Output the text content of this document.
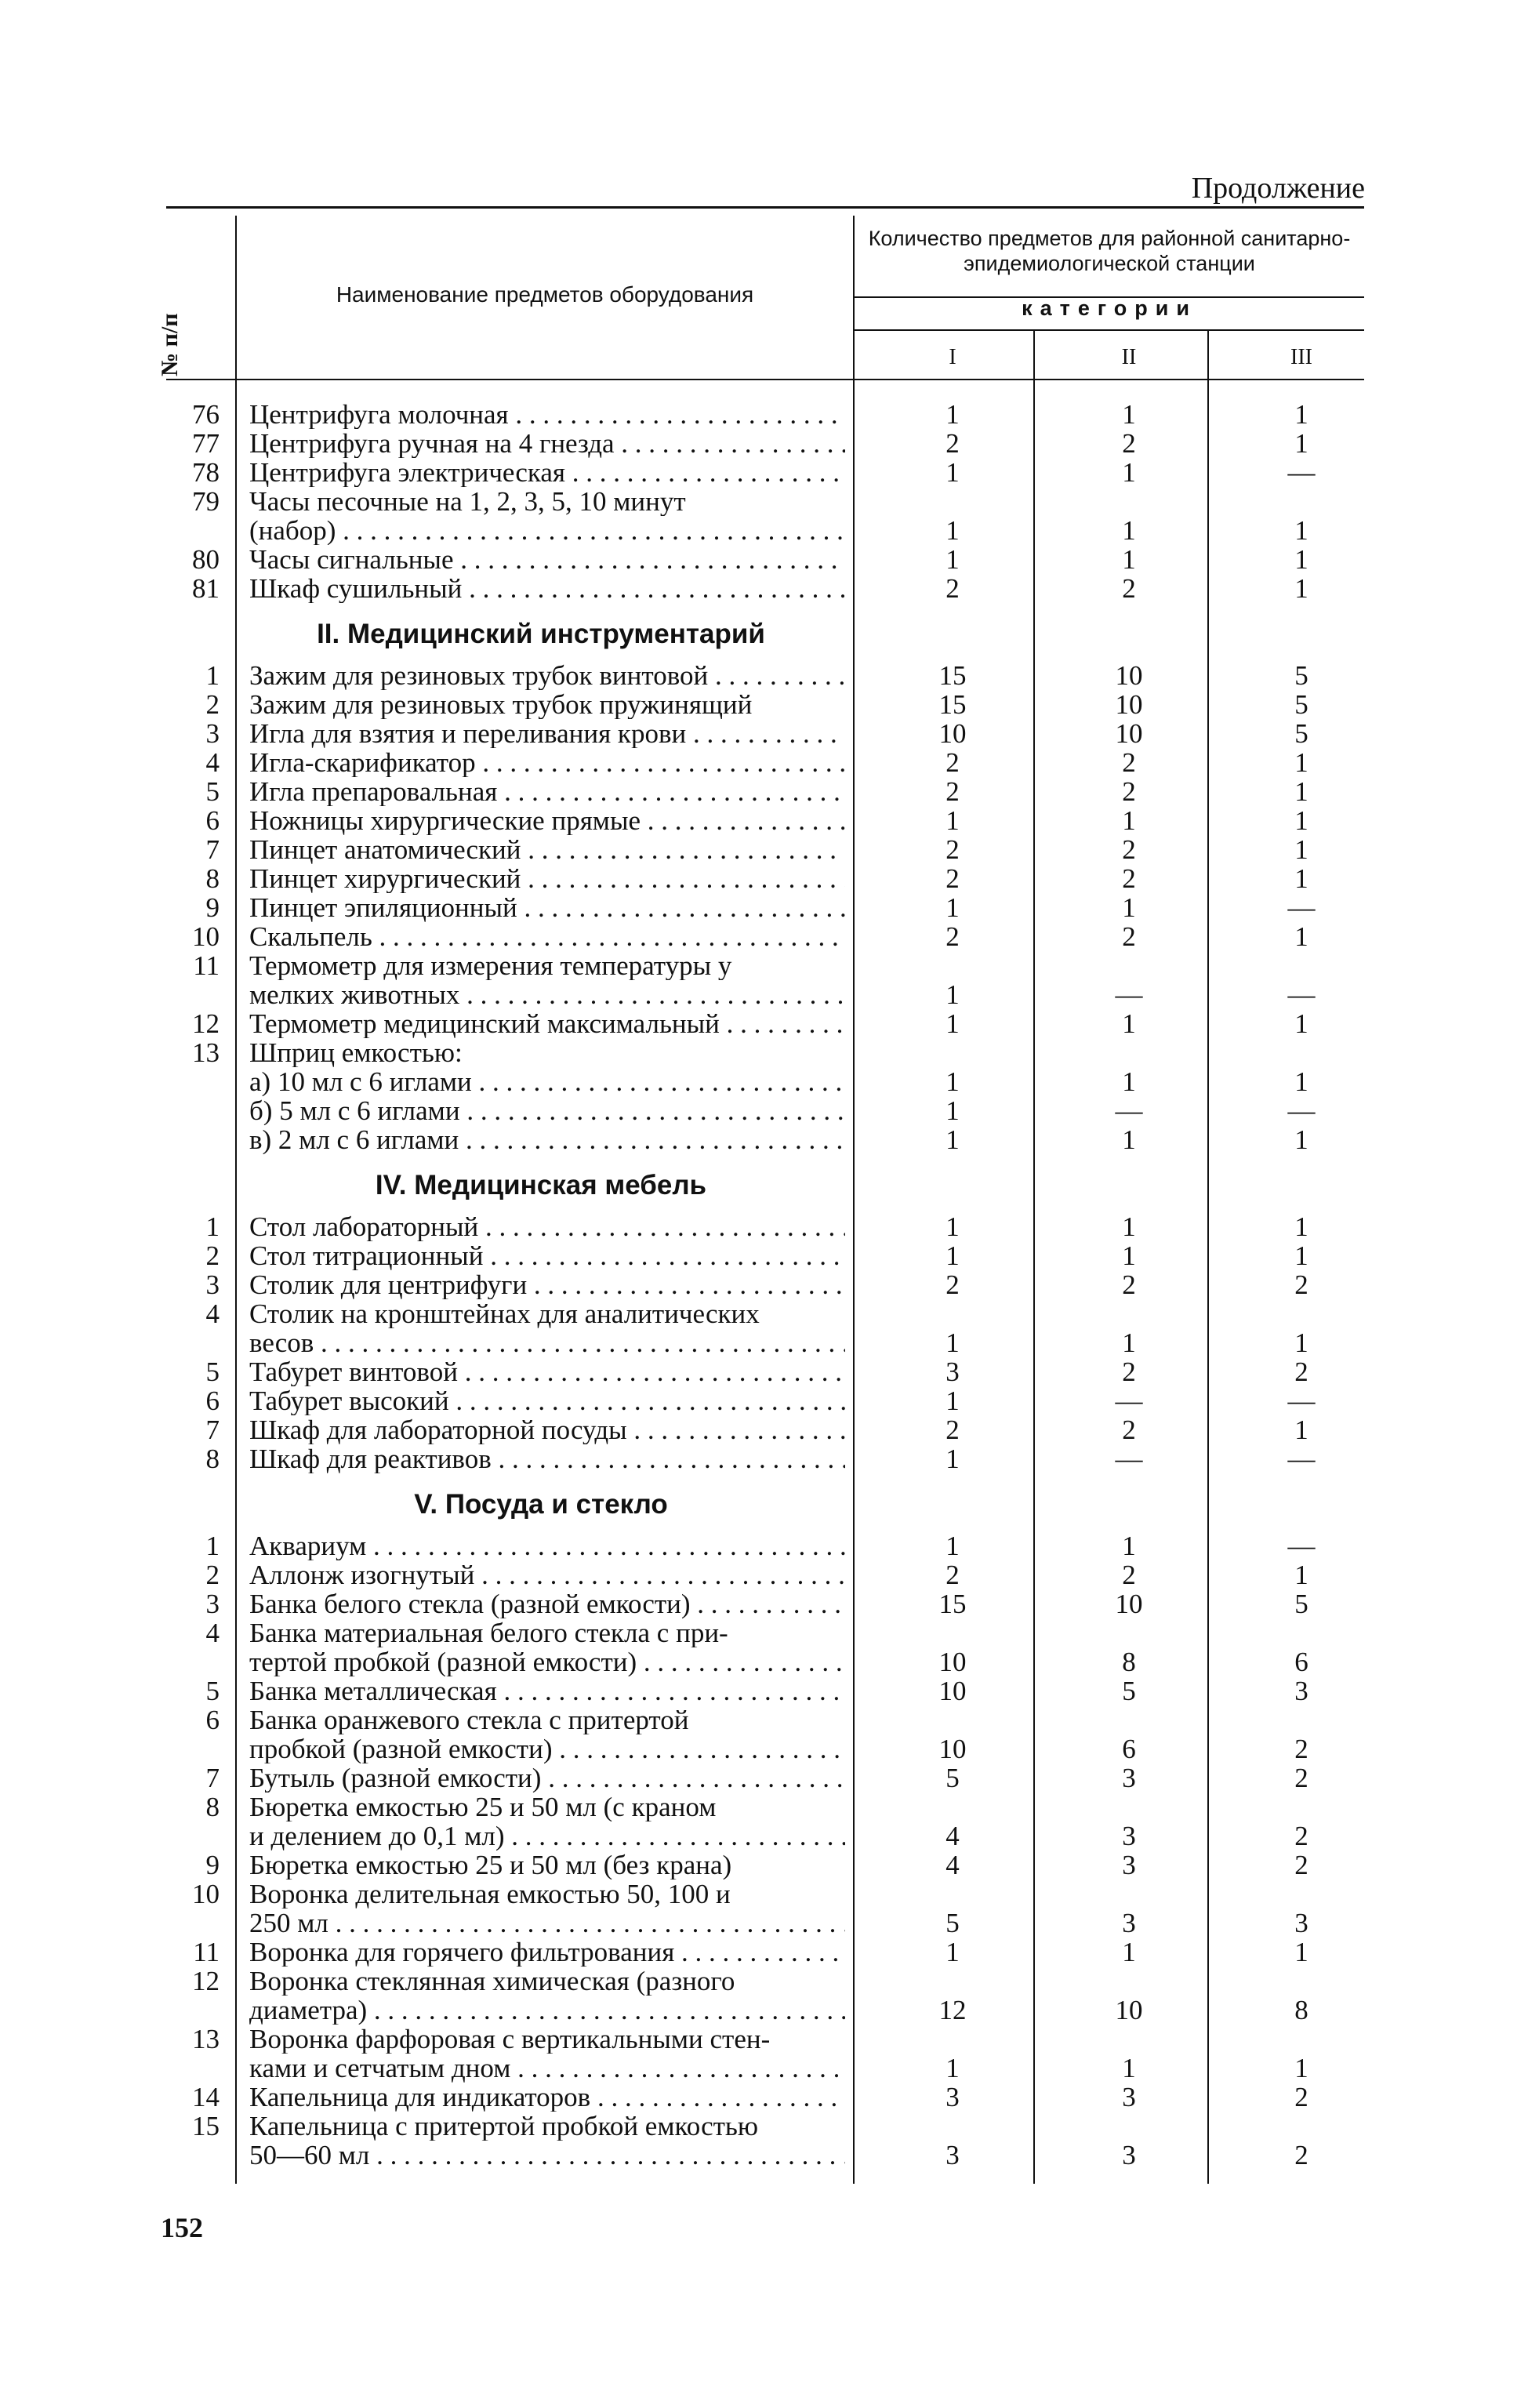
Продолжение
№ п/п
Наименование предметов оборудования
Количество предметов для районной санитарно-эпидемиологической станции
категории
I	II	III
76 Центрифуга молочная . . .	1	1	1
77 Центрифуга ручная на 4 гнезда . . .	2	2	1
78 Центрифуга электрическая . . .	1	1	—
79 Часы песочные на 1, 2, 3, 5, 10 минут
(набор) . . .	1	1	1
80 Часы сигнальные . . .	1	1	1
81 Шкаф сушильный . . .	2	2	1
II. Медицинский инструментарий
1 Зажим для резиновых трубок винтовой . . .	15	10	5
2 Зажим для резиновых трубок пружинящий	15	10	5
3 Игла для взятия и переливания крови . . .	10	10	5
4 Игла-скарификатор . . .	2	2	1
5 Игла препаровальная . . .	2	2	1
6 Ножницы хирургические прямые . . .	1	1	1
7 Пинцет анатомический . . .	2	2	1
8 Пинцет хирургический . . .	2	2	1
9 Пинцет эпиляционный . . .	1	1	—
10 Скальпель . . .	2	2	1
11 Термометр для измерения температуры у
мелких животных . . .	1	—	—
12 Термометр медицинский максимальный . . .	1	1	1
13 Шприц емкостью:
а) 10 мл с 6 иглами . . .	1	1	1
б) 5 мл с 6 иглами . . .	1	—	—
в) 2 мл с 6 иглами . . .	1	1	1
IV. Медицинская мебель
1 Стол лабораторный . . .	1	1	1
2 Стол титрационный . . .	1	1	1
3 Столик для центрифуги . . .	2	2	2
4 Столик на кронштейнах для аналитических
весов . . .	1	1	1
5 Табурет винтовой . . .	3	2	2
6 Табурет высокий . . .	1	—	—
7 Шкаф для лабораторной посуды . . .	2	2	1
8 Шкаф для реактивов . . .	1	—	—
V. Посуда и стекло
1 Аквариум . . .	1	1	—
2 Аллонж изогнутый . . .	2	2	1
3 Банка белого стекла (разной емкости) . . .	15	10	5
4 Банка материальная белого стекла с при-
тертой пробкой (разной емкости) . . .	10	8	6
5 Банка металлическая . . .	10	5	3
6 Банка оранжевого стекла с притертой
пробкой (разной емкости) . . .	10	6	2
7 Бутыль (разной емкости) . . .	5	3	2
8 Бюретка емкостью 25 и 50 мл (с краном
и делением до 0,1 мл) . . .	4	3	2
9 Бюретка емкостью 25 и 50 мл (без крана)	4	3	2
10 Воронка делительная емкостью 50, 100 и
250 мл . . .	5	3	3
11 Воронка для горячего фильтрования . . .	1	1	1
12 Воронка стеклянная химическая (разного
диаметра) . . .	12	10	8
13 Воронка фарфоровая с вертикальными стен-
ками и сетчатым дном . . .	1	1	1
14 Капельница для индикаторов . . .	3	3	2
15 Капельница с притертой пробкой емкостью
50—60 мл . . .	3	3	2
152
